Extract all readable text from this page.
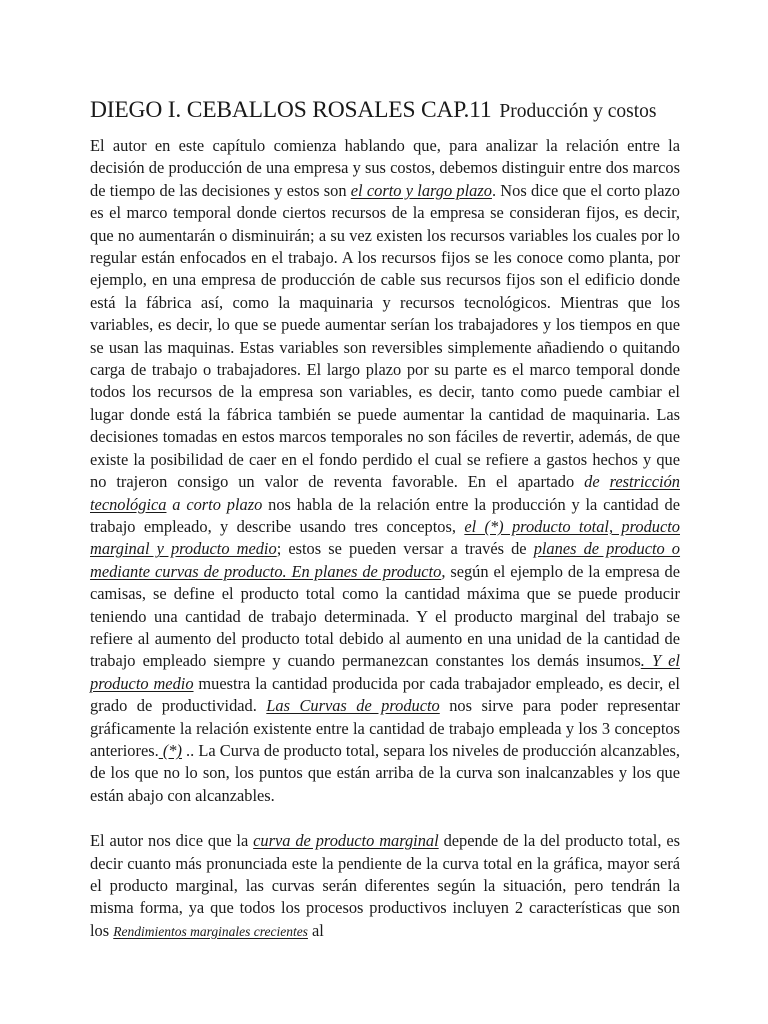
DIEGO I. CEBALLOS ROSALES CAP.11 Producción y costos

El autor en este capítulo comienza hablando que, para analizar la relación entre la decisión de producción de una empresa y sus costos, debemos distinguir entre dos marcos de tiempo de las decisiones y estos son el corto y largo plazo. Nos dice que el corto plazo es el marco temporal donde ciertos recursos de la empresa se consideran fijos, es decir, que no aumentarán o disminuirán; a su vez existen los recursos variables los cuales por lo regular están enfocados en el trabajo. A los recursos fijos se les conoce como planta, por ejemplo, en una empresa de producción de cable sus recursos fijos son el edificio donde está la fábrica así, como la maquinaria y recursos tecnológicos. Mientras que los variables, es decir, lo que se puede aumentar serían los trabajadores y los tiempos en que se usan las maquinas. Estas variables son reversibles simplemente añadiendo o quitando carga de trabajo o trabajadores. El largo plazo por su parte es el marco temporal donde todos los recursos de la empresa son variables, es decir, tanto como puede cambiar el lugar donde está la fábrica también se puede aumentar la cantidad de maquinaria. Las decisiones tomadas en estos marcos temporales no son fáciles de revertir, además, de que existe la posibilidad de caer en el fondo perdido el cual se refiere a gastos hechos y que no trajeron consigo un valor de reventa favorable. En el apartado de restricción tecnológica a corto plazo nos habla de la relación entre la producción y la cantidad de trabajo empleado, y describe usando tres conceptos, el (*) producto total, producto marginal y producto medio; estos se pueden versar a través de planes de producto o mediante curvas de producto. En planes de producto, según el ejemplo de la empresa de camisas, se define el producto total como la cantidad máxima que se puede producir teniendo una cantidad de trabajo determinada. Y el producto marginal del trabajo se refiere al aumento del producto total debido al aumento en una unidad de la cantidad de trabajo empleado siempre y cuando permanezcan constantes los demás insumos. Y el producto medio muestra la cantidad producida por cada trabajador empleado, es decir, el grado de productividad. Las Curvas de producto nos sirve para poder representar gráficamente la relación existente entre la cantidad de trabajo empleada y los 3 conceptos anteriores. (*) .. La Curva de producto total, separa los niveles de producción alcanzables, de los que no lo son, los puntos que están arriba de la curva son inalcanzables y los que están abajo con alcanzables.

El autor nos dice que la curva de producto marginal depende de la del producto total, es decir cuanto más pronunciada este la pendiente de la curva total en la gráfica, mayor será el producto marginal, las curvas serán diferentes según la situación, pero tendrán la misma forma, ya que todos los procesos productivos incluyen 2 características que son los Rendimientos marginales crecientes al
